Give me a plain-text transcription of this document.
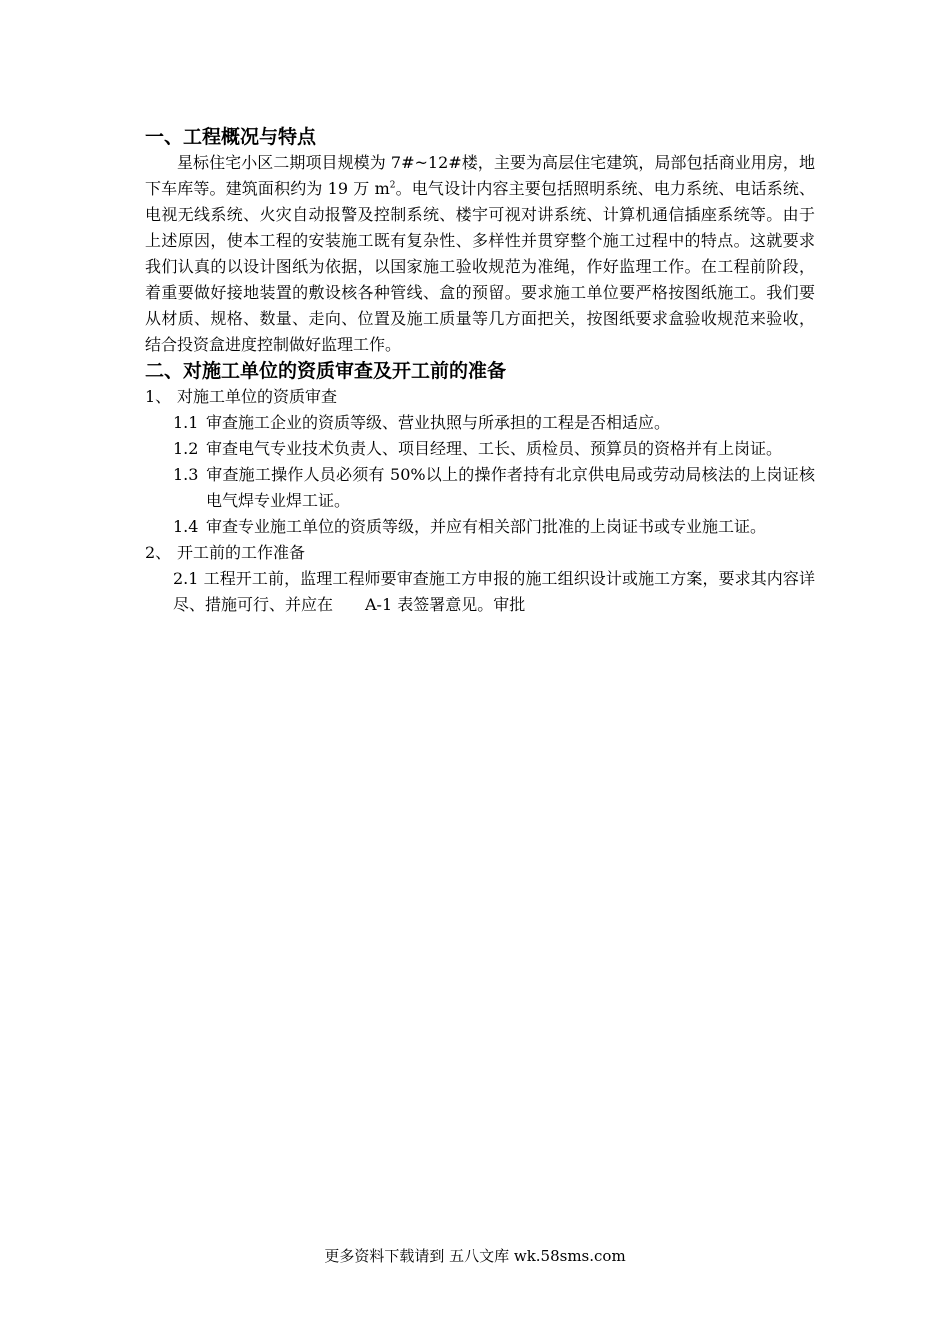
一、工程概况与特点

星标住宅小区二期项目规模为 7#~12#楼，主要为高层住宅建筑，局部包括商业用房，地下车库等。建筑面积约为 19 万 $m^2$。电气设计内容主要包括照明系统、电力系统、电话系统、电视无线系统、火灾自动报警及控制系统、楼宇可视对讲系统、计算机通信插座系统等。由于上述原因，使本工程的安装施工既有复杂性、多样性并贯穿整个施工过程中的特点。这就要求我们认真的以设计图纸为依据，以国家施工验收规范为准绳，作好监理工作。在工程前阶段，着重要做好接地装置的敷设核各种管线、盒的预留。要求施工单位要严格按图纸施工。我们要从材质、规格、数量、走向、位置及施工质量等几方面把关，按图纸要求盒验收规范来验收，结合投资盒进度控制做好监理工作。

二、对施工单位的资质审查及开工前的准备

1、 对施工单位的资质审查

1.1 审查施工企业的资质等级、营业执照与所承担的工程是否相适应。

1.2 审查电气专业技术负责人、项目经理、工长、质检员、预算员的资格并有上岗证。

1.3 审查施工操作人员必须有 50%以上的操作者持有北京供电局或劳动局核法的上岗证核电气焊专业焊工证。

1.4 审查专业施工单位的资质等级，并应有相关部门批准的上岗证书或专业施工证。

2、 开工前的工作准备

2.1 工程开工前，监理工程师要审查施工方申报的施工组织设计或施工方案，要求其内容详尽、措施可行、并应在　　A-1 表签署意见。审批

更多资料下载请到 五八文库 wk.58sms.com
